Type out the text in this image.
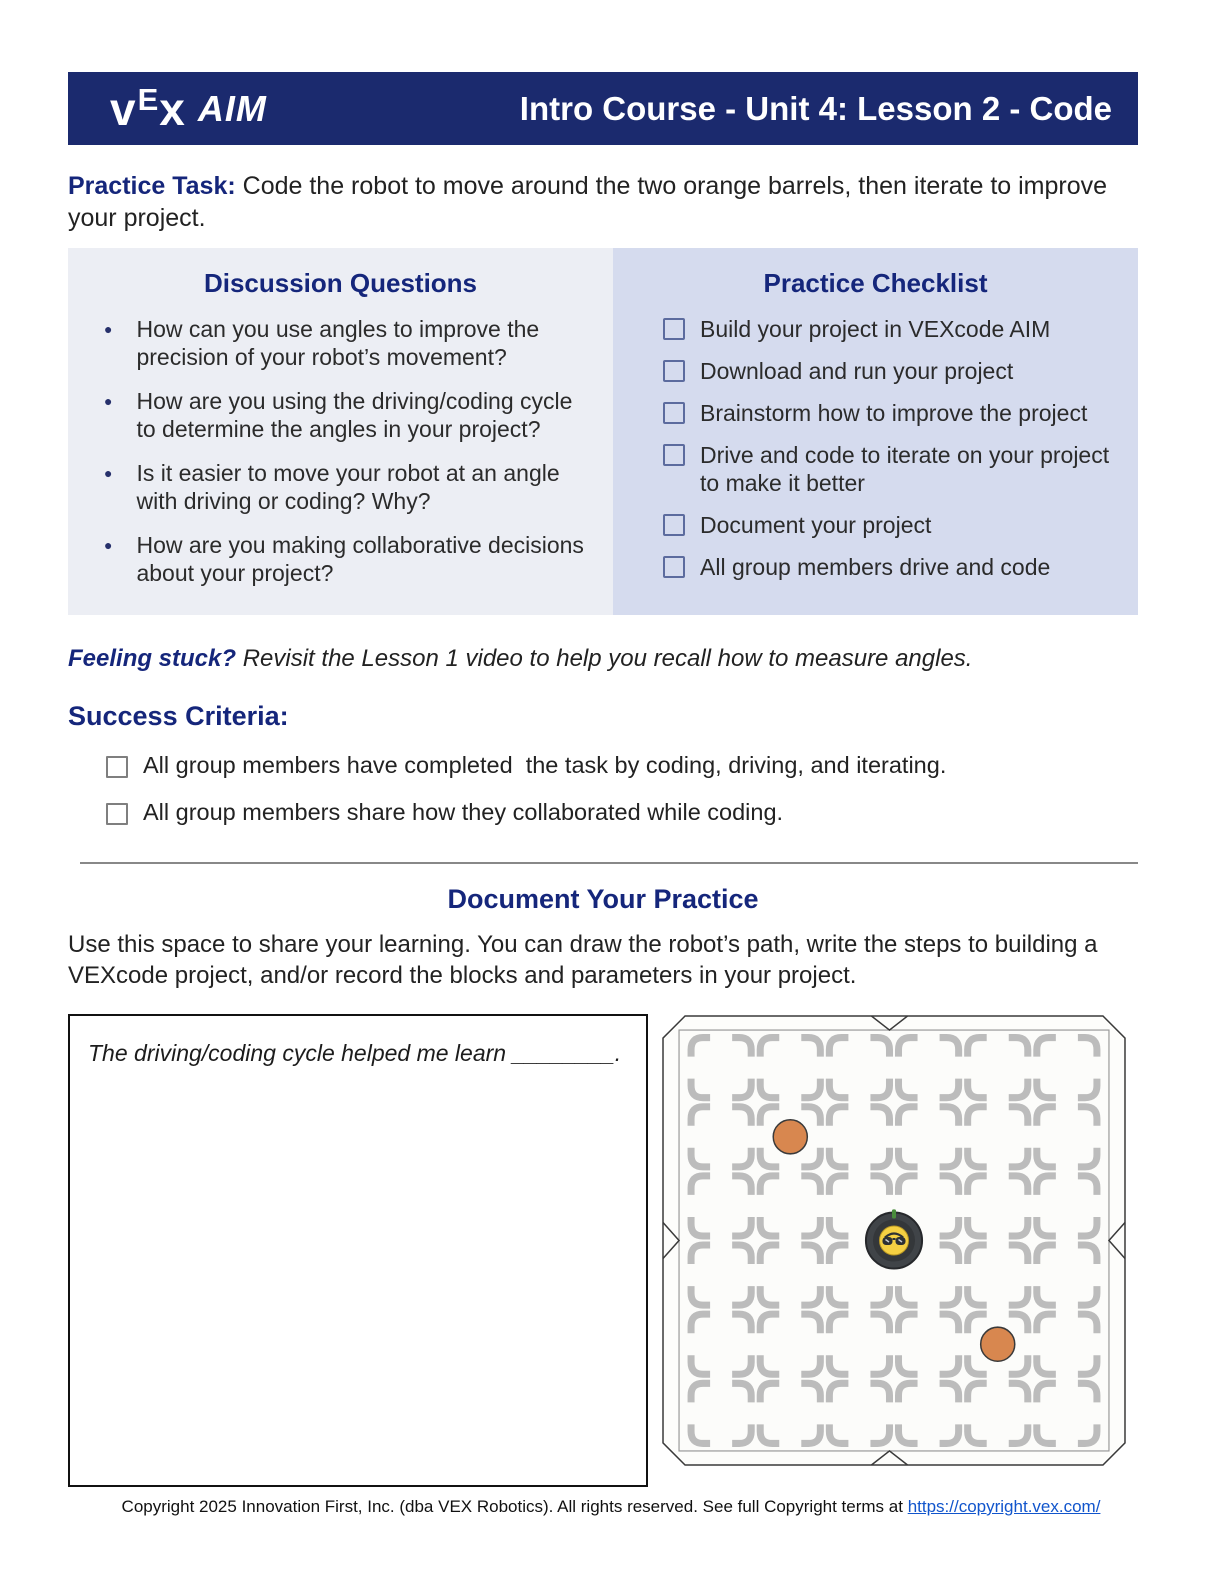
v E x AIM	Intro Course - Unit 4: Lesson 2 - Code

Practice Task: Code the robot to move around the two orange barrels, then iterate to improve your project.

Discussion Questions
● How can you use angles to improve the precision of your robot’s movement?
● How are you using the driving/coding cycle to determine the angles in your project?
● Is it easier to move your robot at an angle with driving or coding? Why?
● How are you making collaborative decisions about your project?
Practice Checklist
Build your project in VEXcode AIM
Download and run your project
Brainstorm how to improve the project
Drive and code to iterate on your project to make it better
Document your project
All group members drive and code

Feeling stuck? Revisit the Lesson 1 video to help you recall how to measure angles.

Success Criteria:
All group members have completed  the task by coding, driving, and iterating.
All group members share how they collaborated while coding.
Document Your Practice

Use this space to share your learning. You can draw the robot’s path, write the steps to building a VEXcode project, and/or record the blocks and parameters in your project.

The driving/coding cycle helped me learn ________.

Copyright 2025 Innovation First, Inc. (dba VEX Robotics). All rights reserved. See full Copyright terms at https://copyright.vex.com/
